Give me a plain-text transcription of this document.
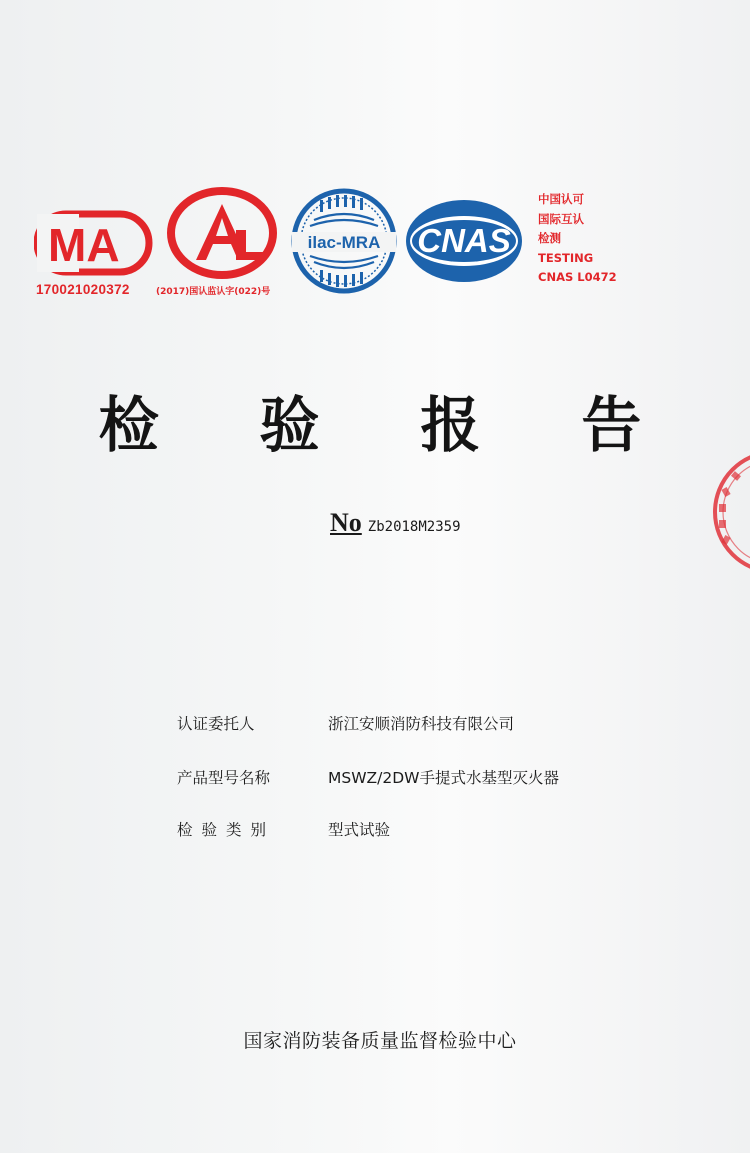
MA
170021020372
CAL
(2017)国认监认字(022)号
ilac-MRA CNAS
中国认可
国际互认
检测
TESTING
CNAS L0472
检 验 报 告
No Zb2018M2359
认证委托人	浙江安顺消防科技有限公司
产品型号名称	MSWZ/2DW手提式水基型灭火器
检验类别	型式试验
国家消防装备质量监督检验中心
